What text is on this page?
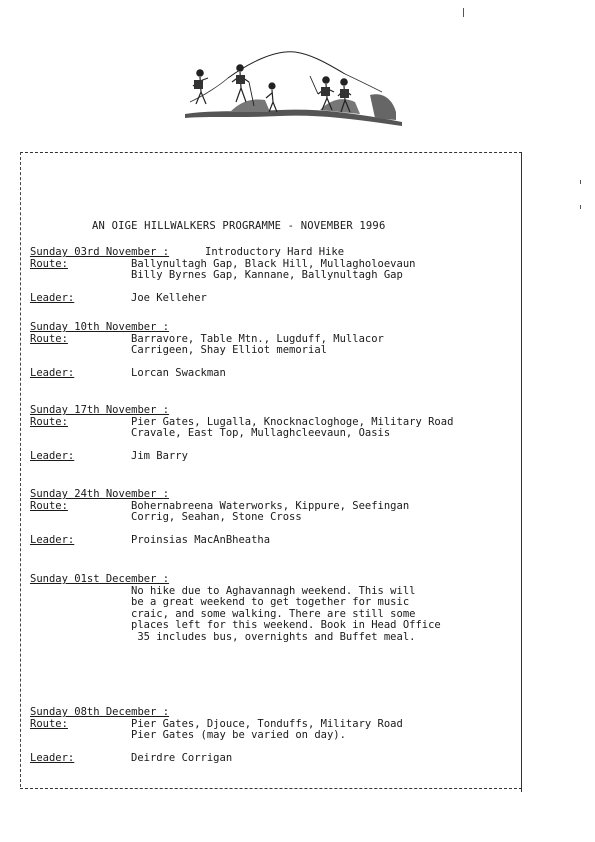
AN OIGE HILLWALKERS PROGRAMME - NOVEMBER 1996
Sunday 03rd November :	Introductory Hard Hike
Route:	Ballynultagh Gap, Black Hill, Mullagholoevaun
Billy Byrnes Gap, Kannane, Ballynultagh Gap
Leader:	Joe Kelleher
Sunday 10th November :
Route:	Barravore, Table Mtn., Lugduff, Mullacor
Carrigeen, Shay Elliot memorial
Leader:	Lorcan Swackman
Sunday 17th November :
Route:	Pier Gates, Lugalla, Knocknacloghoge, Military Road
Cravale, East Top, Mullaghcleevaun, Oasis
Leader:	Jim Barry
Sunday 24th November :
Route:	Bohernabreena Waterworks, Kippure, Seefingan
Corrig, Seahan, Stone Cross
Leader:	Proinsias MacAnBheatha
Sunday 01st December :
No hike due to Aghavannagh weekend. This will
be a great weekend to get together for music
craic, and some walking. There are still some
places left for this weekend. Book in Head Office
35 includes bus, overnights and Buffet meal.
Sunday 08th December :
Route:	Pier Gates, Djouce, Tonduffs, Military Road
Pier Gates (may be varied on day).
Leader:	Deirdre Corrigan
